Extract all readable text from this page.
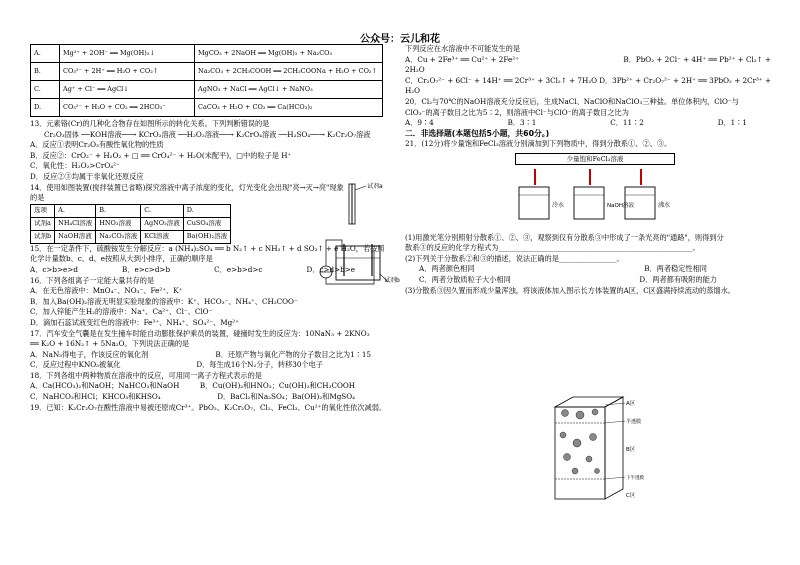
公众号：云儿和花
A.	Mg²⁺ + 2OH⁻ ══ Mg(OH)₂↓	MgCO₃ + 2NaOH ══ Mg(OH)₂ + Na₂CO₃
B.	CO₃²⁻ + 2H⁺ ══ H₂O + CO₂↑	Na₂CO₃ + 2CH₃COOH ══ 2CH₃COONa + H₂O + CO₂↑
C.	Ag⁺ + Cl⁻ ══ AgCl↓	AgNO₃ + NaCl ══ AgCl↓ + NaNO₃
D.	CO₃²⁻ + H₂O + CO₂ ══ 2HCO₃⁻	CaCO₃ + H₂O + CO₂ ══ Ca(HCO₃)₂
13．元素铬(Cr)的几种化合物存在如图所示的转化关系。下列判断错误的是
Cr₂O₃固体 ──KOH溶液──→ KCrO₂溶液 ──H₂O₂溶液──→ K₂CrO₄溶液 ──H₂SO₄──→ K₂Cr₂O₇溶液
A．反应①表明Cr₂O₃有酸性氧化物的性质
B．反应②：CrO₂⁻ + H₂O₂ + □ ══ CrO₄²⁻ + H₂O(未配平)，□中的粒子是 H⁺
C．氧化性：H₂O₂>CrO₄²⁻
D．反应②③均属于非氧化还原反应
14．使用如图装置(搅拌装置已省略)探究溶液中离子浓度的变化，灯光变化会出现"亮→灭→亮"现象
的是
选项	A.	B.	C.	D.
试剂a	NH₄Cl溶液	HNO₃溶液	AgNO₃溶液	CuSO₄溶液
试剂b	NaOH溶液	Na₂CO₃溶液	KCl溶液	Ba(OH)₂溶液
15．在一定条件下，硫酸铵发生分解反应：a (NH₄)₂SO₄ ══ b N₂↑ + c NH₃↑ + d SO₂↑ + e H₂O，若按照
化学计量数b、c、d、e按照从大到小排序，正确的顺序是
A．c>b>e>d	B．e>c>d>b	C．e>b>d>c	D．c>d>b>e
16．下列各组离子一定能大量共存的是
A．在无色溶液中：MnO₄⁻、NO₃⁻、Fe²⁺、K⁺
B．加入Ba(OH)₂溶液无明显实验现象的溶液中：K⁺、HCO₃⁻、NH₄⁺、CH₃COO⁻
C．加入锌能产生H₂的溶液中：Na⁺、Ca²⁺、Cl⁻、ClO⁻
D．滴加石蕊试液变红色的溶液中：Fe³⁺、NH₄⁺、SO₄²⁻、Mg²⁺
17．汽车安全气囊是在发生撞车时能自动膨胀保护乘员的装置，碰撞时发生的反应为：10NaN₃ + 2KNO₃
══ K₂O + 16N₂↑ + 5Na₂O。下列说法正确的是
A．NaN₃得电子，作该反应的氧化剂	B．还原产物与氧化产物的分子数目之比为1∶15
C．反应过程中KNO₃被氧化	D．每生成16个N₂分子，转移30个电子
18．下列各组中两种物质在溶液中的反应，可用同一离子方程式表示的是
A．Ca(HCO₃)₂和NaOH；NaHCO₃和NaOH	B．Cu(OH)₂和HNO₃；Cu(OH)₂和CH₃COOH
C．NaHCO₃和HCl；KHCO₃和KHSO₄	D．BaCl₂和Na₂SO₄；Ba(OH)₂和MgSO₄
19．已知：K₂Cr₂O₇在酸性溶液中易被还原成Cr³⁺。PbO₂、K₂Cr₂O₇、Cl₂、FeCl₃、Cu²⁺的氧化性依次减弱。
试剂a
试剂b
下列反应在水溶液中不可能发生的是
A．Cu + 2Fe³⁺ ══ Cu²⁺ + 2Fe²⁺	B．PbO₂ + 2Cl⁻ + 4H⁺ ══ Pb²⁺ + Cl₂↑ +
2H₂O
C．Cr₂O₇²⁻ + 6Cl⁻ + 14H⁺ ══ 2Cr³⁺ + 3Cl₂↑ + 7H₂O D．3Pb²⁺ + Cr₂O₇²⁻ + 2H⁺ ══ 3PbO₂ + 2Cr³⁺ +
H₂O
20．Cl₂与70℃的NaOH溶液充分反应后，生成NaCl、NaClO和NaClO₃三种盐。单位体积内，ClO⁻与
ClO₃⁻的离子数目之比为5∶2，则溶液中Cl⁻与ClO⁻的离子数目之比为
A．9∶4	B．3∶1	C．11∶2	D．1∶1
二．非选择题(本题包括5小题，共60分。)
21．(12分)将少量饱和FeCl₃溶液分别滴加到下列物质中，得到分散系①、②、③。
少量饱和FeCl₃溶液
冷水	NaOH溶液	沸水
(1)用激光笔分别照射分散系①、②、③，观察到仅有分散系③中形成了一条光亮的"通路"，则得到分
散系③的反应的化学方程式为______________________________________________________。
(2)下列关于分散系②和③的描述，说法正确的是________________。
A．两者颜色相同	B．两者稳定性相同
C．两者分散质粒子大小相同	D．两者都有吸附的能力
(3)分散系③因久置而形成少量浑浊，将该液体加入图示长方体装置的A区，C区盛满持续流动的蒸馏水。
A区
半透膜
B区
下半透膜
C区
